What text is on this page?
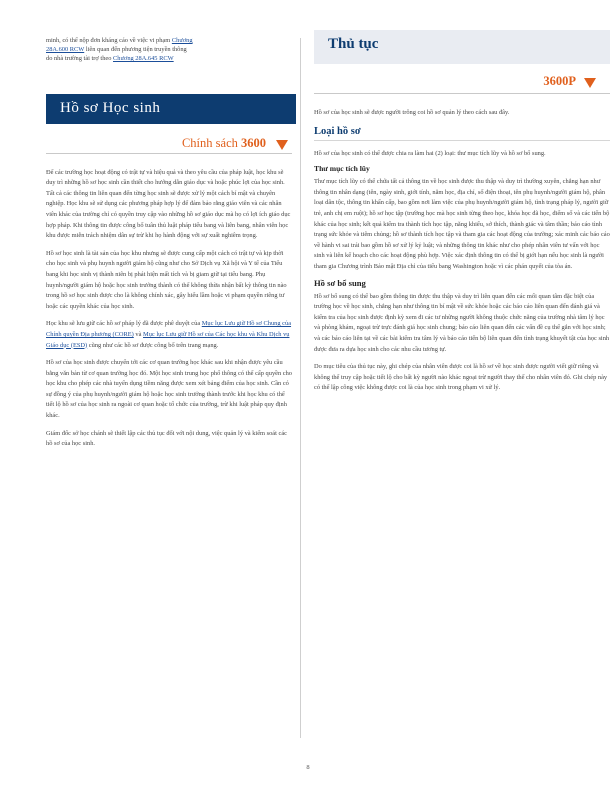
minh, có thể nộp đơn kháng cáo về việc vi phạm Chương

28A.600 RCW liên quan đến phương tiện truyền thông

do nhà trường tài trợ theo Chương 28A.645 RCW

Hồ sơ Học sinh
Chính sách 3600

Để các trường học hoạt động có trật tự và hiệu quả và theo yêu cầu của pháp luật, học khu sẽ duy trì những hồ sơ học sinh cần thiết cho hướng dẫn giáo dục và hoặc phúc lợi của học sinh. Tất cả các thông tin liên quan đến từng học sinh sẽ được xử lý một cách bí mật và chuyên nghiệp. Học khu sẽ sử dụng các phương pháp hợp lý để đảm bảo rằng giáo viên và các nhân viên khác của trường chỉ có quyền truy cập vào những hồ sơ giáo dục mà họ có lợi ích giáo dục hợp pháp. Khi thông tin được công bố tuân thủ luật pháp tiểu bang và liên bang, nhân viên học khu được miễn trách nhiệm dân sự trừ khi họ hành động với sự xuất nghiêm trọng.

Hồ sơ học sinh là tài sản của học khu nhưng sẽ được cung cấp một cách có trật tự và kịp thời cho học sinh và phụ huynh người giám hộ cũng như cho Sở Dịch vụ Xã hội và Y tế của Tiểu bang khi học sinh vị thành niên bị phát hiện mất tích và bị giam giữ tại tiểu bang. Phụ huynh/người giám hộ hoặc học sinh trưởng thành có thể không thừa nhận bất kỳ thông tin nào trong hồ sơ học sinh được cho là không chính xác, gây hiểu lầm hoặc vi phạm quyền riêng tư hoặc các quyền khác của học sinh.

Học khu sẽ lưu giữ các hồ sơ pháp lý đã được phê duyệt của Mục lục Lưu giữ Hồ sơ Chung của Chính quyền Địa phương (CORE) và Mục lục Lưu giữ Hồ sơ của Các học khu và Khu Dịch vụ Giáo dục (ESD) cũng như các hồ sơ được công bố trên trang mạng.

Hồ sơ của học sinh được chuyển tới các cơ quan trường học khác sau khi nhận được yêu cầu bằng văn bản từ cơ quan trường học đó. Một học sinh trung học phổ thông có thể cấp quyền cho học khu cho phép các nhà tuyển dụng tiềm năng được xem xét bảng điểm của học sinh. Cần có sự đồng ý của phụ huynh/người giám hộ hoặc học sinh trưởng thành trước khi học khu có thể tiết lộ hồ sơ của học sinh ra ngoài cơ quan hoặc tổ chức của trường, trừ khi luật pháp quy định khác.

Giám đốc sở học chánh sẽ thiết lập các thủ tục đối với nội dung, việc quản lý và kiểm soát các hồ sơ của học sinh.

Thủ tục
3600P

Hồ sơ của học sinh sẽ được người trông coi hồ sơ quản lý theo cách sau đây.

Loại hồ sơ

Hồ sơ của học sinh có thể được chia ra làm hai (2) loại: thư mục tích lũy và hồ sơ bổ sung.

Thư mục tích lũy

Thư mục tích lũy có thể chứa tất cả thông tin về học sinh được thu thập và duy trì thường xuyên, chẳng hạn như thông tin nhân dạng (tên, ngày sinh, giới tính, năm học, địa chỉ, số điện thoại, tên phụ huynh/người giám hộ, phân loại dân tộc, thông tin khẩn cấp, bao gồm nơi làm việc của phụ huynh/người giám hộ, tình trạng pháp lý, người giữ trẻ, anh chị em ruột); hồ sơ học tập (trường học mà học sinh từng theo học, khóa học đã học, điểm số và các tiến bộ khác của học sinh; kết quả kiểm tra thành tích học tập, năng khiếu, sở thích, thành giác và tâm thần; báo cáo tình trạng sức khỏe và tiêm chủng; hồ sơ thành tích học tập và tham gia các hoạt động của trường; xác minh các báo cáo về hành vi sai trái bao gồm hồ sơ xử lý kỷ luật; và những thông tin khác như cho phép nhân viên tư vấn với học sinh và liên kế hoạch cho các hoạt động phù hợp. Việc xác định thông tin có thể bị giới hạn nếu học sinh là người tham gia Chương trình Bảo mật Địa chỉ của tiểu bang Washington hoặc vì các phán quyết của tòa án.

Hồ sơ bổ sung

Hồ sơ bổ sung có thể bao gồm thông tin được thu thập và duy trì liên quan đến các mối quan tâm đặc biệt của trường học về học sinh, chẳng hạn như thông tin bí mật về sức khỏe hoặc các báo cáo liên quan đến đánh giá và kiểm tra của học sinh được định kỳ xem đi các tư những người không thuộc chức năng của trường nhà tâm lý học và phòng khám, ngoại trừ trực đánh giá học sinh chung; báo cáo liên quan đến các vấn đề cụ thể gắn với học sinh; và các báo cáo liên tại về các bài kiểm tra tâm lý và báo cáo tiến bộ liên quan đến tình trạng khuyết tật của học sinh được đưa ra dựa học sinh cho các nhu cầu tương tự.

Do mục tiêu của thủ tục này, ghi chép của nhân viên được coi là hồ sơ về học sinh được người viết giữ riêng và không thể truy cập hoặc tiết lộ cho bất kỳ người nào khác ngoại trừ người thay thế cho nhân viên đó. Ghi chép này có thể lập công việc không được coi là của học sinh trong phạm vi xử lý.

8
